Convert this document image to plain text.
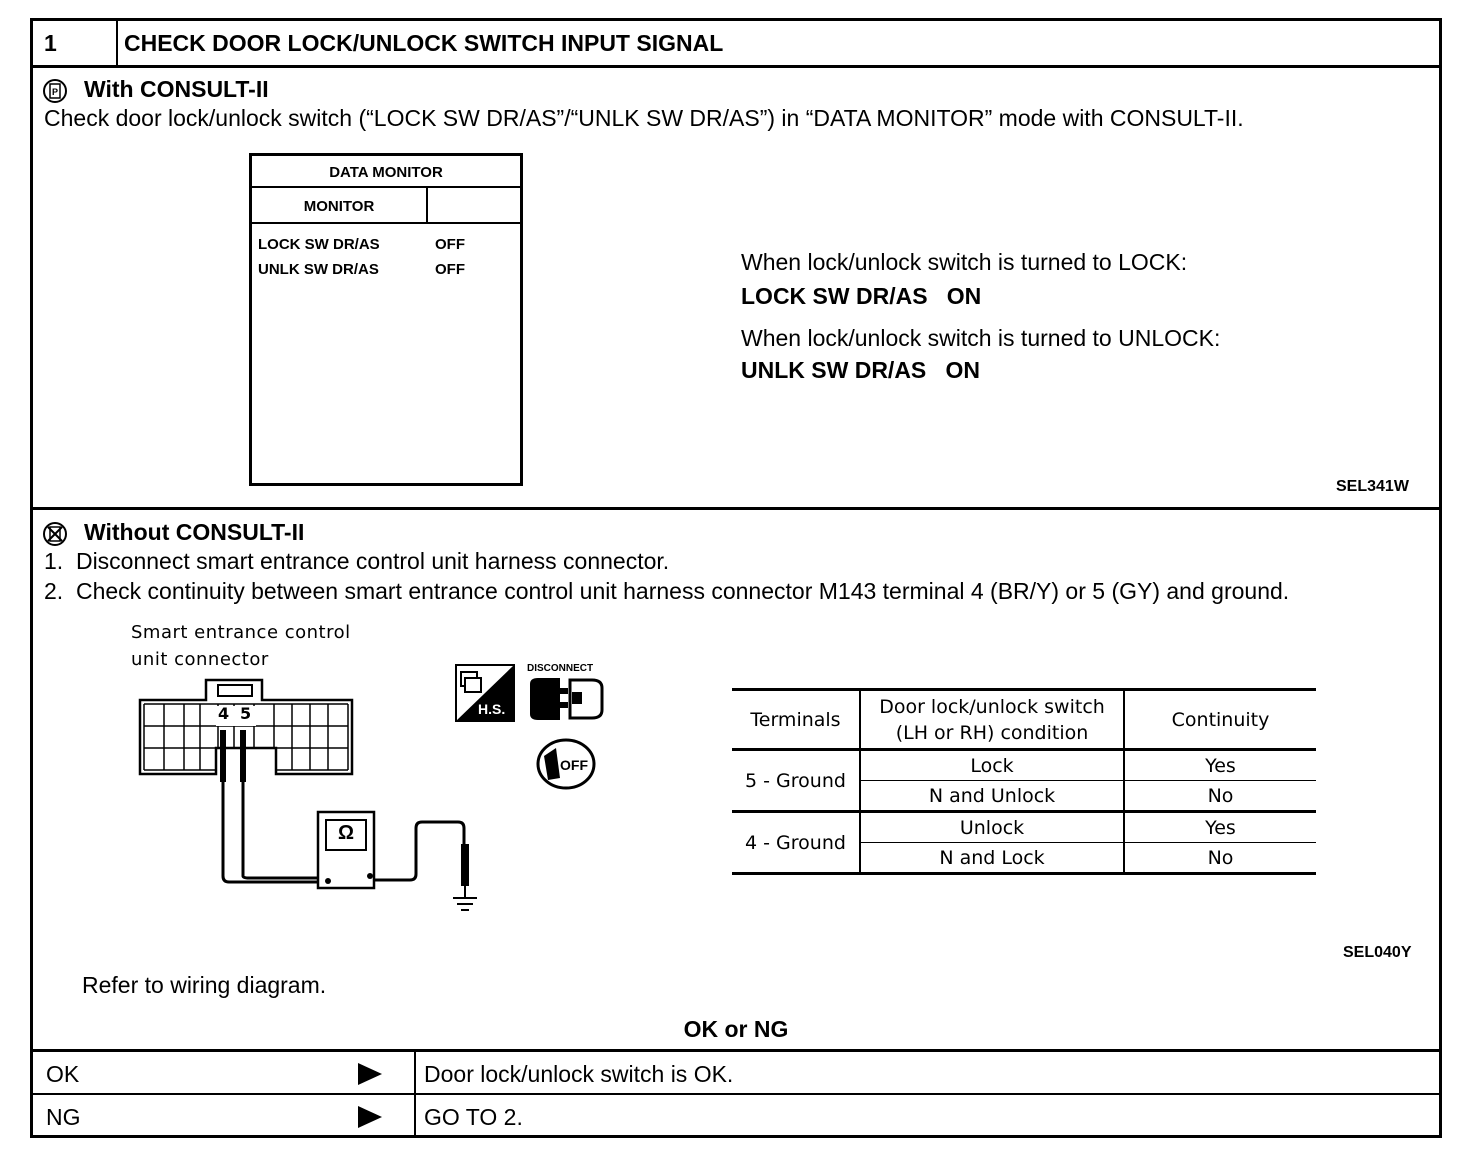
1	CHECK DOOR LOCK/UNLOCK SWITCH INPUT SIGNAL
P With CONSULT-II
Check door lock/unlock switch (“LOCK SW DR/AS”/“UNLK SW DR/AS”) in “DATA MONITOR” mode with CONSULT-II.
DATA MONITOR
MONITOR
LOCK SW DR/AS	OFF
UNLK SW DR/AS	OFF	When lock/unlock switch is turned to LOCK:
LOCK SW DR/AS   ON
When lock/unlock switch is turned to UNLOCK:
UNLK SW DR/AS   ON
SEL341W
Without CONSULT-II
1.  Disconnect smart entrance control unit harness connector.
2.  Check continuity between smart entrance control unit harness connector M143 terminal 4 (BR/Y) or 5 (GY) and ground.
Smart entrance control
unit connector
4 5
Ω
H.S.
DISCONNECT
OFF
Terminals	Door lock/unlock switch (LH or RH) condition	Continuity
5 - Ground	Lock	Yes
	N and Unlock	No
4 - Ground	Unlock	Yes
	N and Lock	No
SEL040Y
Refer to wiring diagram.
OK or NG
OK	Door lock/unlock switch is OK.
NG	GO TO 2.
